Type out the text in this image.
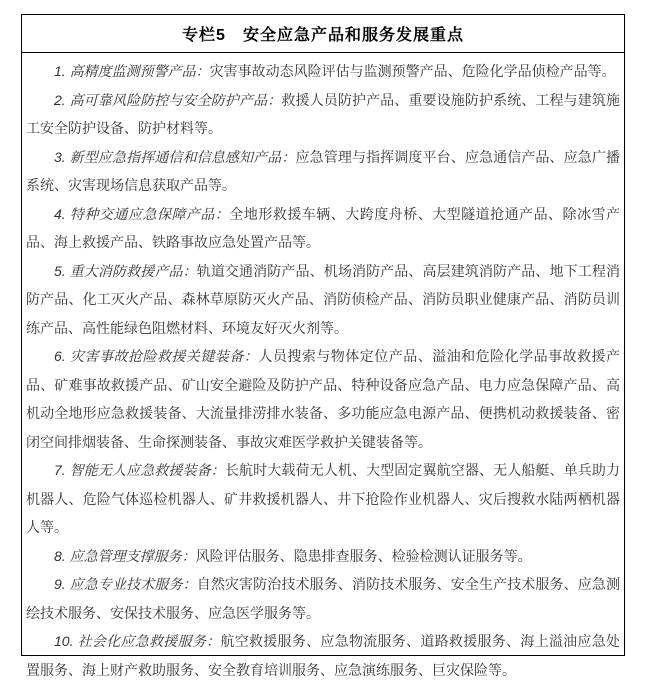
专栏5　安全应急产品和服务发展重点

1. 高精度监测预警产品：灾害事故动态风险评估与监测预警产品、危险化学品侦检产品等。

2. 高可靠风险防控与安全防护产品：救援人员防护产品、重要设施防护系统、工程与建筑施工安全防护设备、防护材料等。

3. 新型应急指挥通信和信息感知产品：应急管理与指挥调度平台、应急通信产品、应急广播系统、灾害现场信息获取产品等。

4. 特种交通应急保障产品：全地形救援车辆、大跨度舟桥、大型隧道抢通产品、除冰雪产品、海上救援产品、铁路事故应急处置产品等。

5. 重大消防救援产品：轨道交通消防产品、机场消防产品、高层建筑消防产品、地下工程消防产品、化工灭火产品、森林草原防灭火产品、消防侦检产品、消防员职业健康产品、消防员训练产品、高性能绿色阻燃材料、环境友好灭火剂等。

6. 灾害事故抢险救援关键装备：人员搜索与物体定位产品、溢油和危险化学品事故救援产品、矿难事故救援产品、矿山安全避险及防护产品、特种设备应急产品、电力应急保障产品、高机动全地形应急救援装备、大流量排涝排水装备、多功能应急电源产品、便携机动救援装备、密闭空间排烟装备、生命探测装备、事故灾难医学救护关键装备等。

7. 智能无人应急救援装备：长航时大载荷无人机、大型固定翼航空器、无人船艇、单兵助力机器人、危险气体巡检机器人、矿井救援机器人、井下抢险作业机器人、灾后搜救水陆两栖机器人等。

8. 应急管理支撑服务：风险评估服务、隐患排查服务、检验检测认证服务等。

9. 应急专业技术服务：自然灾害防治技术服务、消防技术服务、安全生产技术服务、应急测绘技术服务、安保技术服务、应急医学服务等。

10. 社会化应急救援服务：航空救援服务、应急物流服务、道路救援服务、海上溢油应急处置服务、海上财产救助服务、安全教育培训服务、应急演练服务、巨灾保险等。
